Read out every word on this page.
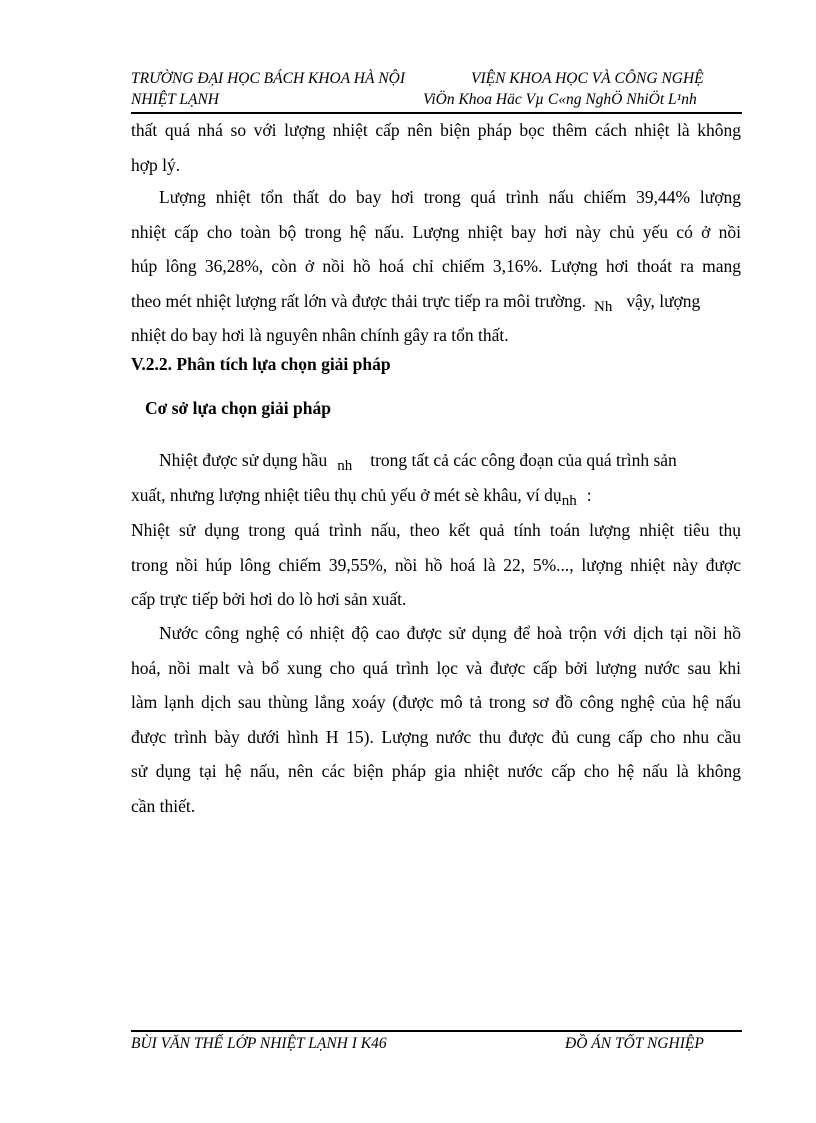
TRƯỜNG ĐẠI HỌC BÁCH KHOA HÀ NỘI	VIỆN KHOA HỌC VÀ CÔNG NGHỆ
NHIỆT LẠNH	ViÖn Khoa Häc Vµ C«ng NghÖ NhiÖt L¹nh
thất quá nhá so với lượng nhiệt cấp nên biện pháp bọc thêm cách nhiệt là không
hợp lý.
Lượng nhiệt tổn thất do bay hơi trong quá trình nấu chiếm 39,44% lượng
nhiệt cấp cho toàn bộ trong hệ nấu. Lượng nhiệt bay hơi này chủ yếu có ở nồi
húp lông 36,28%, còn ở nồi hồ hoá chỉ chiếm 3,16%. Lượng hơi thoát ra mang
theo mét nhiệt lượng rất lớn và được thải trực tiếp ra môi trường. Nh vậy, lượng
nhiệt do bay hơi là nguyên nhân chính gây ra tổn thất.
V.2.2. Phân tích lựa chọn giải pháp
Cơ sở lựa chọn giải pháp
Nhiệt được sử dụng hầu nh trong tất cả các công đoạn của quá trình sản
xuất, nhưng lượng nhiệt tiêu thụ chủ yếu ở mét sè khâu, ví dụnh :
Nhiệt sử dụng trong quá trình nấu, theo kết quả tính toán lượng nhiệt tiêu thụ
trong nồi húp lông chiếm 39,55%, nồi hồ hoá là 22, 5%..., lượng nhiệt này được
cấp trực tiếp bởi hơi do lò hơi sản xuất.
Nước công nghệ có nhiệt độ cao được sử dụng để hoà trộn với dịch tại nồi hồ
hoá, nồi malt và bổ xung cho quá trình lọc và được cấp bởi lượng nước sau khi
làm lạnh dịch sau thùng lắng xoáy (được mô tả trong sơ đồ công nghệ của hệ nấu
được trình bày dưới hình H 15). Lượng nước thu được đủ cung cấp cho nhu cầu
sử dụng tại hệ nấu, nên các biện pháp gia nhiệt nước cấp cho hệ nấu là không
cần thiết.
BÙI VĂN THẾ LỚP NHIỆT LẠNH I K46	ĐỒ ÁN TỐT NGHIỆP
